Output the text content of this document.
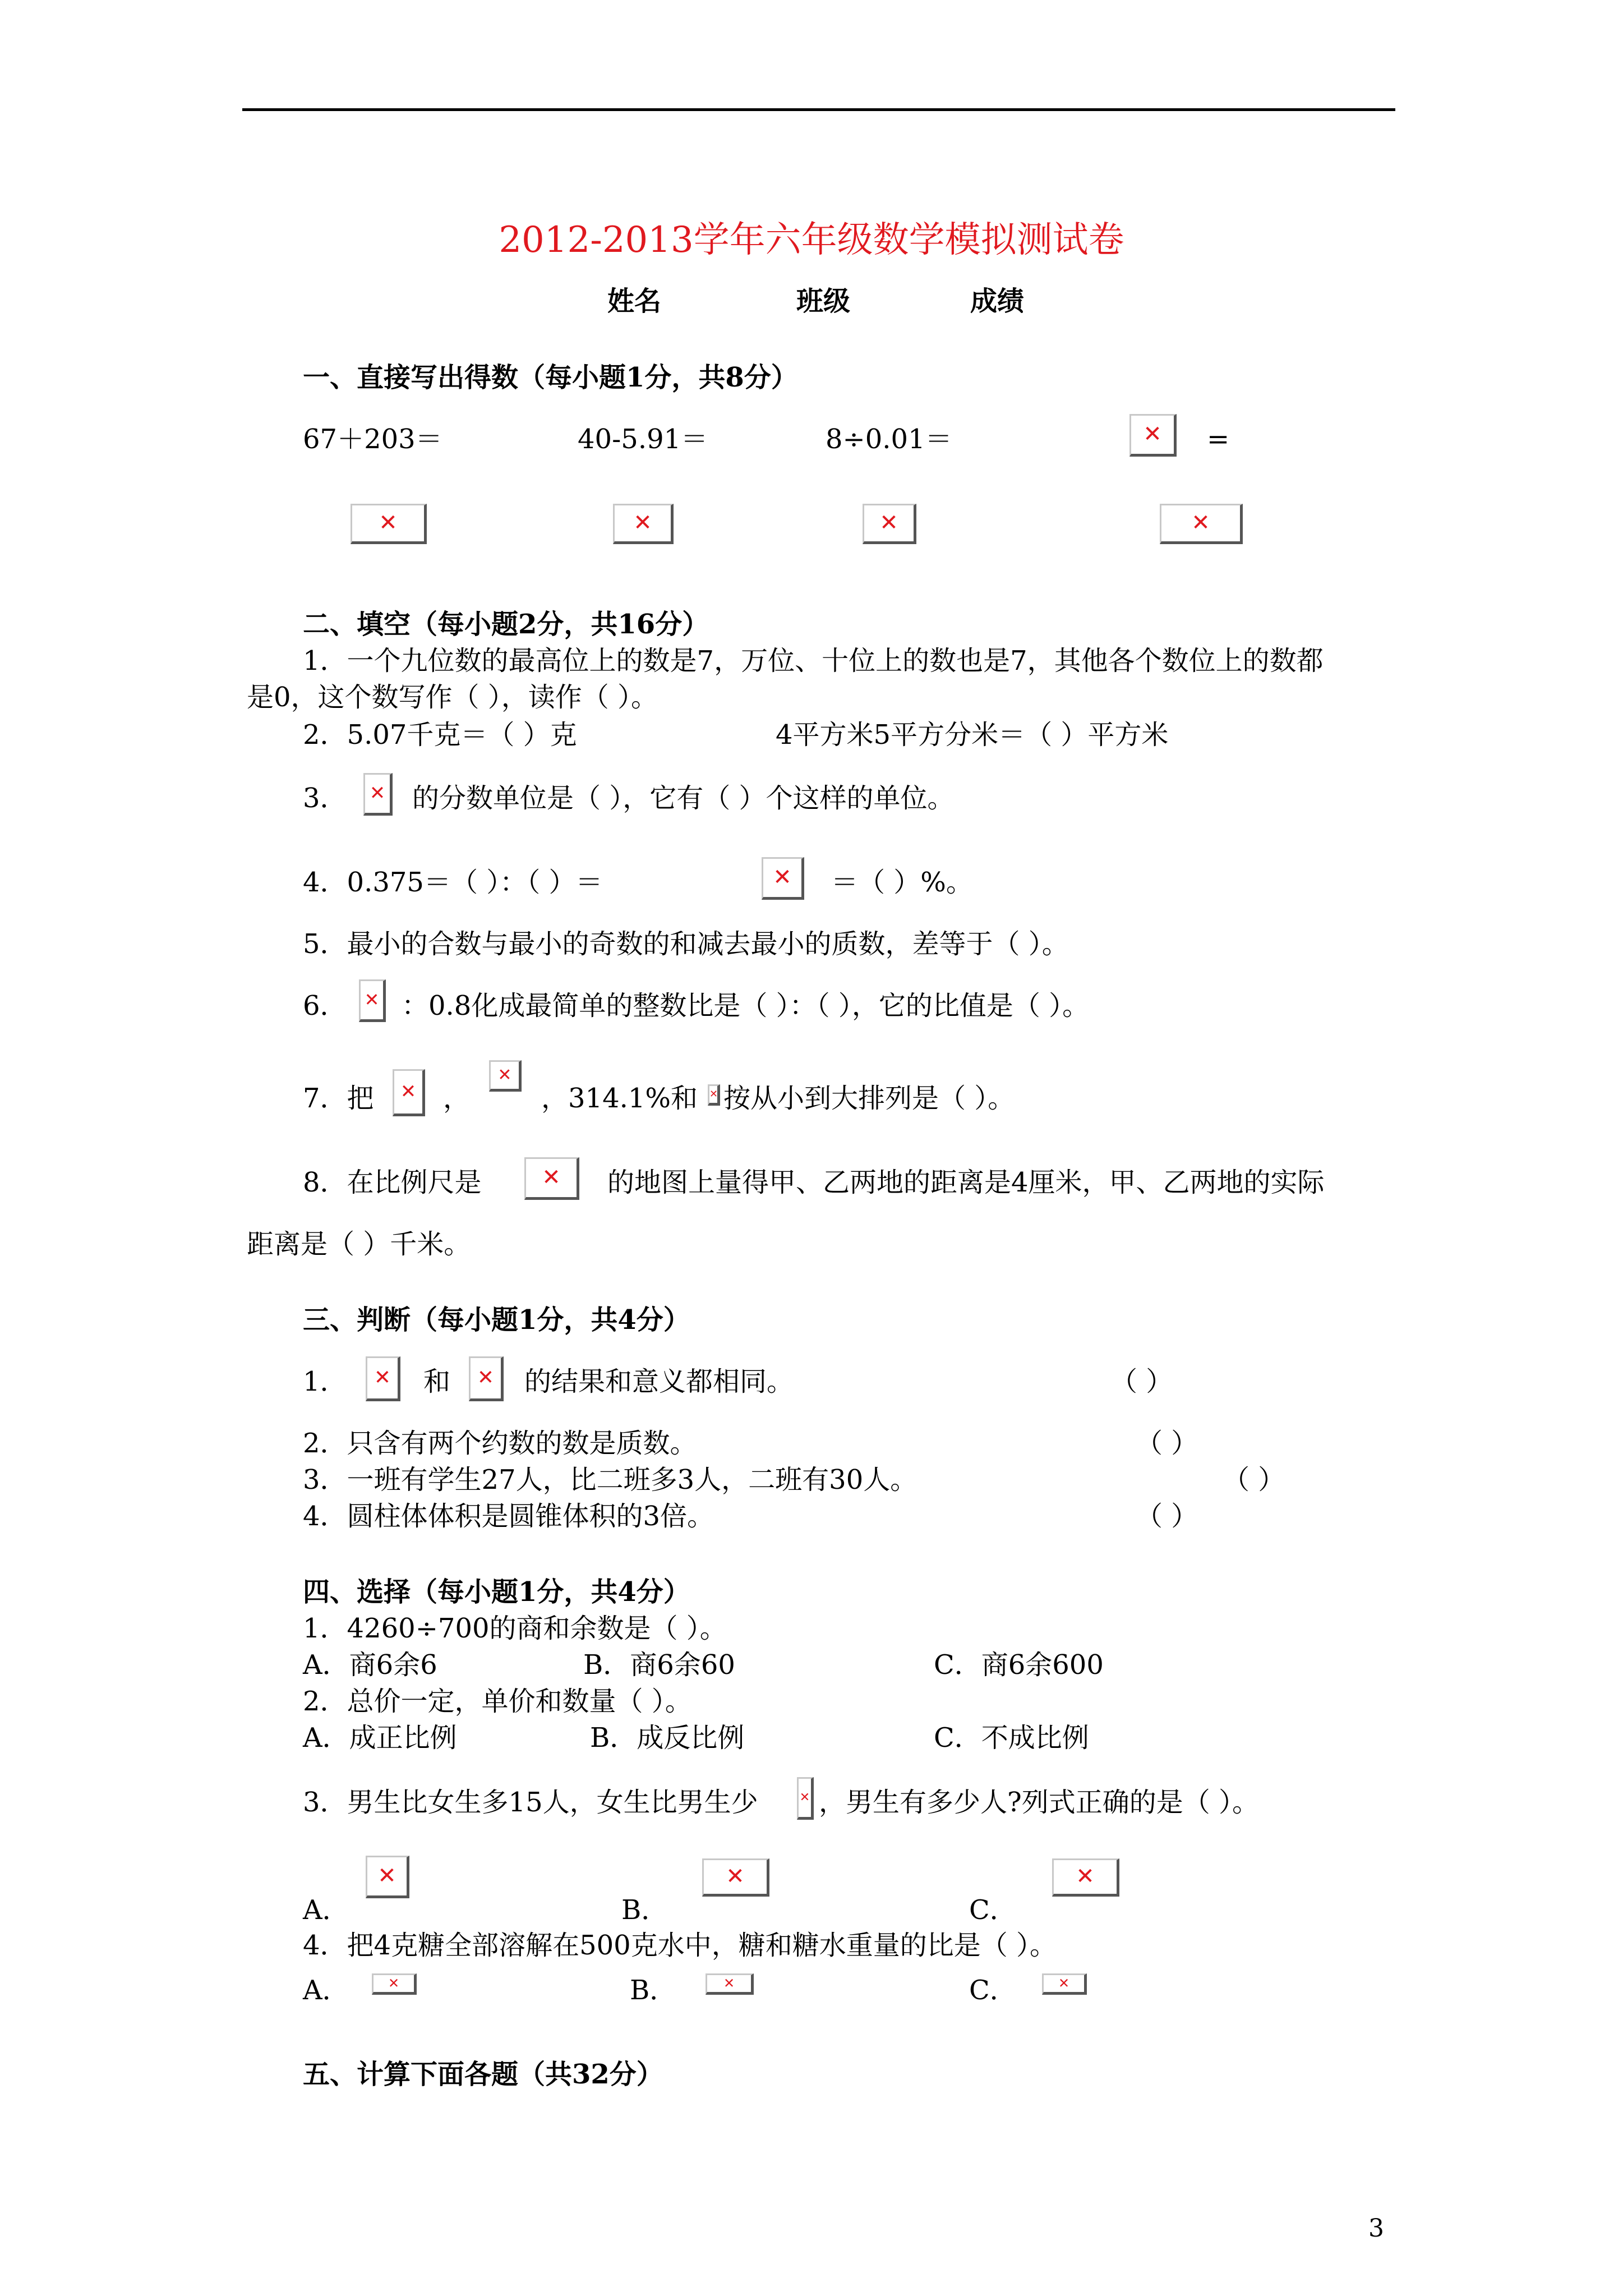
2012-2013学年六年级数学模拟测试卷
姓名	班级	成绩
一、直接写出得数（每小题1分，共8分）
67＋203＝	40-5.91＝	8÷0.01＝	✕	=
✕	✕	✕	✕
二、填空（每小题2分，共16分）
1．一个九位数的最高位上的数是7，万位、十位上的数也是7，其他各个数位上的数都
是0，这个数写作（ ），读作（ ）。
2．5.07千克＝（ ）克	4平方米5平方分米＝（ ）平方米
3． ✕ 的分数单位是（ ），它有（ ）个这样的单位。
4．0.375＝（ ）：（ ）＝	✕	＝（ ）%。
5．最小的合数与最小的奇数的和减去最小的质数，差等于（ ）。
6． ✕ ：0.8化成最简单的整数比是（ ）：（ ），它的比值是（ ）。
7．把	✕ ，
✕
，314.1%和 ✕ 按从小到大排列是（ ）。
8．在比例尺是	✕	的地图上量得甲、乙两地的距离是4厘米，甲、乙两地的实际
距离是（ ）千米。
三、判断（每小题1分，共4分）
1．	✕ 和	✕ 的结果和意义都相同。	（ ）
2．只含有两个约数的数是质数。	（ ）
3．一班有学生27人，比二班多3人，二班有30人。	（ ）
4．圆柱体体积是圆锥体积的3倍。	（ ）
四、选择（每小题1分，共4分）
1．4260÷700的商和余数是（ ）。
A．商6余6	B．商6余60	C．商6余600
2．总价一定，单价和数量（ ）。
A．成正比例	B．成反比例	C．不成比例
3．男生比女生多15人，女生比男生少	✕ ，男生有多少人?列式正确的是（ ）。
✕	✕	✕
A．	B．	C．
4．把4克糖全部溶解在500克水中，糖和糖水重量的比是（ ）。
A．	✕	B．	✕	C．	✕
五、计算下面各题（共32分）
3
